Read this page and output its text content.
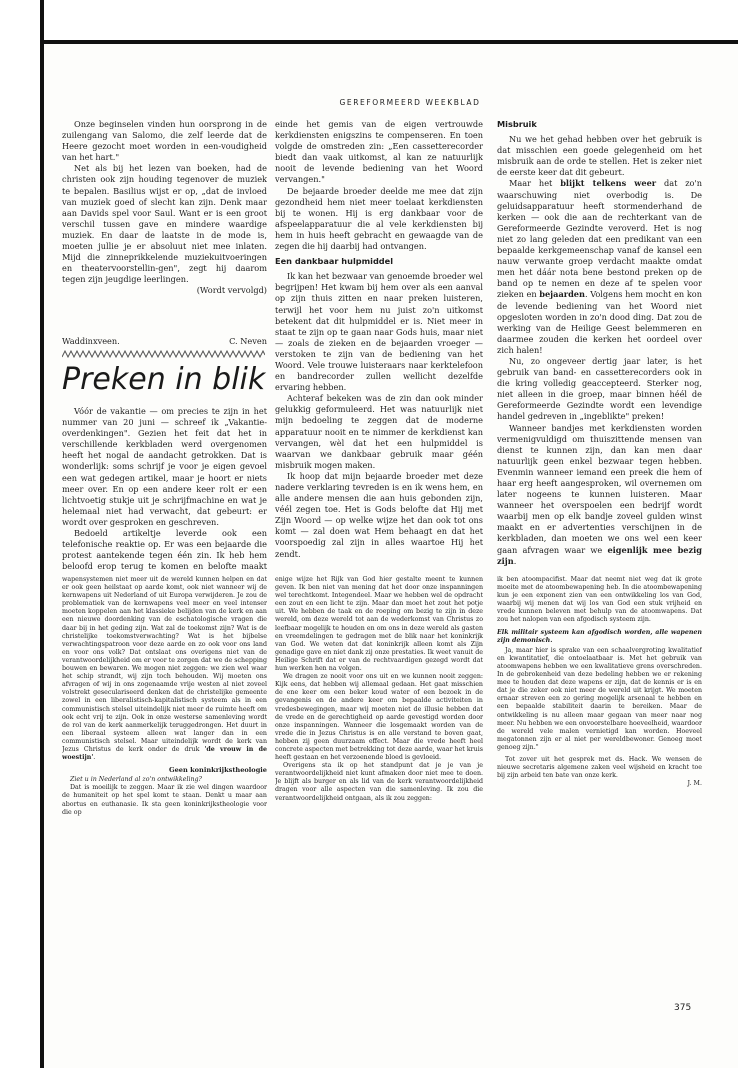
GEREFORMEERD WEEKBLAD

Onze beginselen vinden hun oorsprong in de zuilengang van Salomo, die zelf leerde dat de Heere gezocht moet worden in een-voudigheid van het hart."

Net als bij het lezen van boeken, had de christen ook zijn houding tegenover de muziek te bepalen. Basilius wijst er op, „dat de invloed van muziek goed of slecht kan zijn. Denk maar aan Davids spel voor Saul. Want er is een groot verschil tussen gave en mindere waardige muziek. En daar de laatste in de mode is, moeten jullie je er absoluut niet mee inlaten. Mijd die zinneprikkelende muziekuitvoeringen en theatervoorstellin-gen", zegt hij daarom tegen zijn jeugdige leerlingen.

(Wordt vervolgd)

Waddinxveen.	C. Neven
Preken in blik

Vóór de vakantie — om precies te zijn in het nummer van 20 juni — schreef ik „Vakantie-overdenkingen". Gezien het feit dat het in verschillende kerkbladen werd overgenomen heeft het nogal de aandacht getrokken. Dat is wonderlijk: soms schrijf je voor je eigen gevoel een wat gedegen artikel, maar je hoort er niets meer over. En op een andere keer rolt er een lichtvoetig stukje uit je schrijfmachine en wat je helemaal niet had verwacht, dat gebeurt: er wordt over gesproken en geschreven.

Bedoeld artikeltje leverde ook een telefonische reaktie op. Er was een bejaarde die protest aantekende tegen één zin. Ik heb hem beloofd erop terug te komen en belofte maakt

einde het gemis van de eigen vertrouwde kerkdiensten enigszins te compenseren. En toen volgde de omstreden zin: „Een cassetterecorder biedt dan vaak uitkomst, al kan ze natuurlijk nooit de levende bediening van het Woord vervangen."

De bejaarde broeder deelde me mee dat zijn gezondheid hem niet meer toelaat kerkdiensten bij te wonen. Hij is erg dankbaar voor de afspeelapparatuur die al vele kerkdiensten bij hem in huis heeft gebracht en gewaagde van de zegen die hij daarbij had ontvangen.

Een dankbaar hulpmiddel

Ik kan het bezwaar van genoemde broeder wel begrijpen! Het kwam bij hem over als een aanval op zijn thuis zitten en naar preken luisteren, terwijl het voor hem nu juist zo'n uitkomst betekent dat dit hulpmiddel er is. Niet meer in staat te zijn op te gaan naar Gods huis, maar niet — zoals de zieken en de bejaarden vroeger — verstoken te zijn van de bediening van het Woord. Vele trouwe luisteraars naar kerktelefoon en bandrecorder zullen wellicht dezelfde ervaring hebben.

Achteraf bekeken was de zin dan ook minder gelukkig geformuleerd. Het was natuurlijk niet mijn bedoeling te zeggen dat de moderne apparatuur nooit en te nimmer de kerkdienst kan vervangen, wèl dat het een hulpmiddel is waarvan we dankbaar gebruik maar géén misbruik mogen maken.

Ik hoop dat mijn bejaarde broeder met deze nadere verklaring tevreden is en ik wens hem, en alle andere mensen die aan huis gebonden zijn, véél zegen toe. Het is Gods belofte dat Hij met Zijn Woord — op welke wijze het dan ook tot ons komt — zal doen wat Hem behaagt en dat het voorspoedig zal zijn in alles waartoe Hij het zendt.

Misbruik

Nu we het gehad hebben over het gebruik is dat misschien een goede gelegenheid om het misbruik aan de orde te stellen. Het is zeker niet de eerste keer dat dit gebeurt.

Maar het blijkt telkens weer dat zo'n waarschuwing niet overbodig is. De geluidsapparatuur heeft stormenderhand de kerken — ook die aan de rechterkant van de Gereformeerde Gezindte veroverd. Het is nog niet zo lang geleden dat een predikant van een bepaalde kerkgemeenschap vanaf de kansel een nauw verwante groep verdacht maakte omdat men het dáár nota bene bestond preken op de band op te nemen en deze af te spelen voor zieken en bejaarden. Volgens hem mocht en kon de levende bediening van het Woord niet opgesloten worden in zo'n dood ding. Dat zou de werking van de Heilige Geest belemmeren en daarmee zouden die kerken het oordeel over zich halen!

Nu, zo ongeveer dertig jaar later, is het gebruik van band- en cassetterecorders ook in die kring volledig geaccepteerd. Sterker nog, niet alleen in die groep, maar binnen héél de Gereformeerde Gezindte wordt een levendige handel gedreven in „ingeblikte" preken!

Wanneer bandjes met kerkdiensten worden vermenigvuldigd om thuiszittende mensen van dienst te kunnen zijn, dan kan men daar natuurlijk geen enkel bezwaar tegen hebben. Evenmin wanneer iemand een preek die hem of haar erg heeft aangesproken, wil overnemen om later nogeens te kunnen luisteren. Maar wanneer het overspoelen een bedrijf wordt waarbij men op elk bandje zoveel gulden winst maakt en er advertenties verschijnen in de kerkbladen, dan moeten we ons wel een keer gaan afvragen waar we eigenlijk mee bezig zijn.

wapensystemen niet meer uit de wereld kunnen helpen en dat er ook geen heilstaat op aarde komt, ook niet wanneer wij de kernwapens uit Nederland of uit Europa verwijderen. Je zou de problematiek van de kernwapens veel meer en veel intenser moeten koppelen aan het klassieke belijden van de kerk en aan een nieuwe doordenking van de eschatologische vragen die daar bij in het geding zijn. Wat zal de toekomst zijn? Wat is de christelijke toekomstverwachting? Wat is het bijbelse verwachtingspatroon voor deze aarde en zo ook voor ons land en voor ons volk? Dat ontslaat ons overigens niet van de verantwoordelijkheid om er voor te zorgen dat we de schepping bouwen en bewaren. We mogen niet zeggen: we zien wel waar het schip strandt, wij zijn toch behouden. Wij moeten ons afvragen of wij in ons zogenaamde vrije westen al niet zoveel volstrekt geseculariseerd denken dat de christelijke gemeente zowel in een liberalistisch-kapitalistisch systeem als in een communistisch stelsel uiteindelijk niet meer de ruimte heeft om ook echt vrij te zijn. Ook in onze westerse samenleving wordt de rol van de kerk aanmerkelijk teruggedrongen. Het duurt in een liberaal systeem alleen wat langer dan in een communistisch stelsel. Maar uiteindelijk wordt de kerk van Jezus Christus de kerk onder de druk 'de vrouw in de woestijn'.

Geen koninkrijkstheologie

Ziet u in Nederland al zo'n ontwikkeling?

Dat is moeilijk te zeggen. Maar ik zie wel dingen waardoor de humaniteit op het spel komt te staan. Denkt u maar aan abortus en euthanasie. Ik sta geen koninkrijkstheologie voor die op

enige wijze het Rijk van God hier gestalte meent te kunnen geven. Ik ben niet van mening dat het door onze inspanningen wel terechtkomt. Integendeel. Maar we hebben wel de opdracht een zout en een licht te zijn. Maar dan moet het zout het potje uit. We hebben de taak en de roeping om bezig te zijn in deze wereld, om deze wereld tot aan de wederkomst van Christus zo leefbaar mogelijk te houden en om ons in deze wereld als gasten en vreemdelingen te gedragen met de blik naar het koninkrijk van God. We weten dat dat koninkrijk alleen komt als Zijn genadige gave en niet dank zij onze prestaties. Ik weet vanuit de Heilige Schrift dat er van de rechtvaardigen gezegd wordt dat hun werken hen na volgen.

We dragen ze nooit voor ons uit en we kunnen nooit zeggen: Kijk eens, dat hebben wij allemaal gedaan. Het gaat misschien de ene keer om een beker koud water of een bezoek in de gevangenis en de andere keer om bepaalde activiteiten in vredesbewegingen, maar wij moeten niet de illusie hebben dat de vrede en de gerechtigheid op aarde gevestigd worden door onze inspanningen. Wanneer die losgemaakt worden van de vrede die in Jezus Christus is en alle verstand te boven gaat, hebben zij geen duurzaam effect. Maar die vrede heeft heel concrete aspecten met betrekking tot deze aarde, waar het kruis heeft gestaan en het verzoenende bloed is gevloeid.

Overigens sta ik op het standpunt dat je je van je verantwoordelijkheid niet kunt afmaken door niet mee te doen. Je blijft als burger en als lid van de kerk verantwoordelijkheid dragen voor alle aspecten van die samenleving. Ik zou die verantwoordelijkheid ontgaan, als ik zou zeggen:

ik ben atoompacifist. Maar dat neemt niet weg dat ik grote moeite met de atoombewapening heb. In die atoombewapening kun je een exponent zien van een ontwikkeling los van God, waarbij wij menen dat wij los van God een stuk vrijheid en vrede kunnen beleven met behulp van de atoomwapens. Dat zou het nalopen van een afgodisch systeem zijn.

Elk militair systeem kan afgodisch worden, alle wapenen zijn demonisch.

Ja, maar hier is sprake van een schaalvergroting kwalitatief en kwantitatief, die ontoelaatbaar is. Met het gebruik van atoomwapens hebben we een kwalitatieve grens overschreden. In de gebrokenheid van deze bedeling hebben we er rekening mee te houden dat deze wapens er zijn, dat de kennis er is en dat je die zeker ook niet meer de wereld uit krijgt. We moeten ernaar streven een zo gering mogelijk arsenaal te hebben en een bepaalde stabiliteit daarin te bereiken. Maar de ontwikkeling is nu alleen maar gegaan van meer naar nog meer. Nu hebben we een onvoorstelbare hoeveelheid, waardoor de wereld vele malen vernietigd kan worden. Hoeveel megatonnen zijn er al niet per wereldbewoner. Genoeg moet genoeg zijn."

Tot zover uit het gesprek met ds. Hack. We wensen de nieuwe secretaris algemene zaken veel wijsheid en kracht toe bij zijn arbeid ten bate van onze kerk.

J. M.
375
